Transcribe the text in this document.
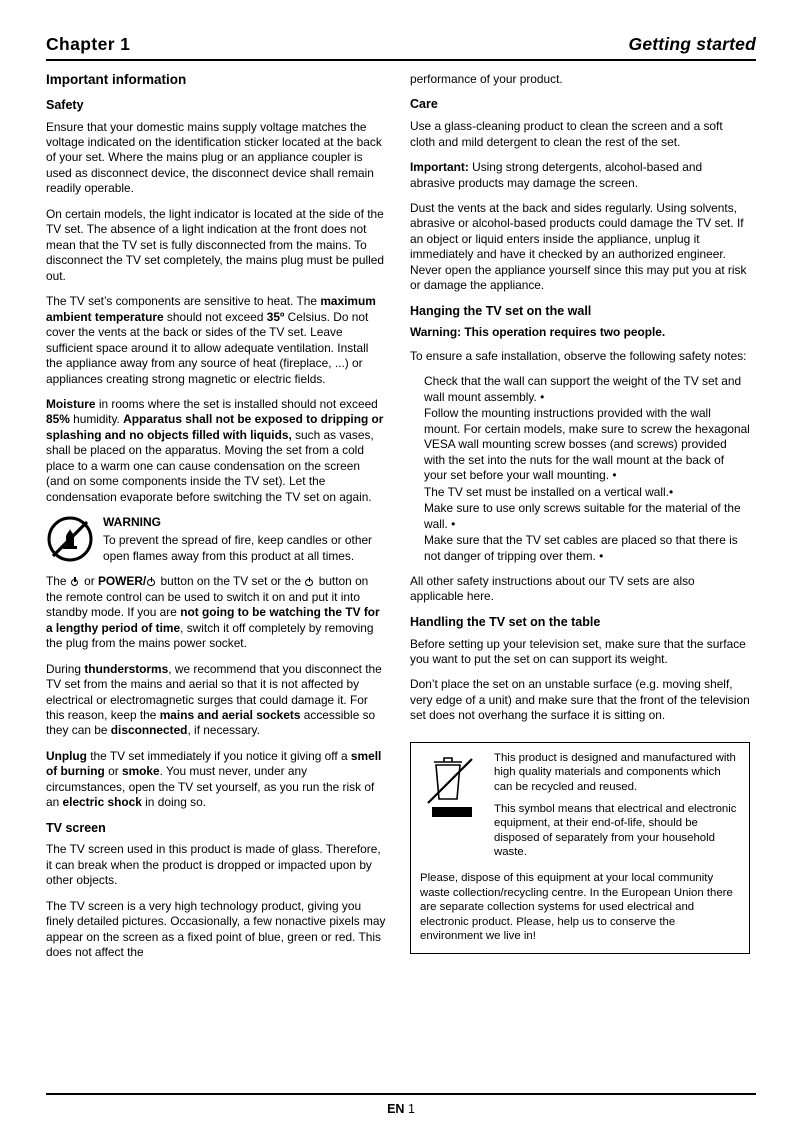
Chapter 1	Getting started
Important information
Safety

Ensure that your domestic mains supply voltage matches the voltage indicated on the identification sticker located at the back of your set. Where the mains plug or an appliance coupler is used as disconnect device, the disconnect device shall remain readily operable.

On certain models, the light indicator is located at the side of the TV set. The absence of a light indication at the front does not mean that the TV set is fully disconnected from the mains. To disconnect the TV set completely, the mains plug must be pulled out.

The TV set’s components are sensitive to heat. The maximum ambient temperature should not exceed 35º Celsius. Do not cover the vents at the back or sides of the TV set. Leave sufficient space around it to allow adequate ventilation. Install the appliance away from any source of heat (fireplace, ...) or appliances creating strong magnetic or electric fields.

Moisture in rooms where the set is installed should not exceed 85% humidity. Apparatus shall not be exposed to dripping or splashing and no objects filled with liquids, such as vases, shall be placed on the apparatus. Moving the set from a cold place to a warm one can cause condensation on the screen (and on some components inside the TV set). Let the condensation evaporate before switching the TV set on again.

WARNING

To prevent the spread of fire, keep candles or other open flames away from this product at all times.

The  or POWER/ button on the TV set or the  button on the remote control can be used to switch it on and put it into standby mode. If you are not going to be watching the TV for a lengthy period of time, switch it off completely by removing the plug from the mains power socket.

During thunderstorms, we recommend that you disconnect the TV set from the mains and aerial so that it is not affected by electrical or electromagnetic surges that could damage it. For this reason, keep the mains and aerial sockets accessible so they can be disconnected, if necessary.

Unplug the TV set immediately if you notice it giving off a smell of burning or smoke. You must never, under any circumstances, open the TV set yourself, as you run the risk of an electric shock in doing so.

TV screen

The TV screen used in this product is made of glass. Therefore, it can break when the product is dropped or impacted upon by other objects.

The TV screen is a very high technology product, giving you finely detailed pictures. Occasionally, a few nonactive pixels may appear on the screen as a fixed point of blue, green or red. This does not affect the

performance of your product.

Care

Use a glass-cleaning product to clean the screen and a soft cloth and mild detergent to clean the rest of the set.

Important: Using strong detergents, alcohol-based and abrasive products may damage the screen.

Dust the vents at the back and sides regularly. Using solvents, abrasive or alcohol-based products could damage the TV set. If an object or liquid enters inside the appliance, unplug it immediately and have it checked by an authorized engineer. Never open the appliance yourself since this may put you at risk or damage the appliance.

Hanging the TV set on the wall

Warning: This operation requires two people.

To ensure a safe installation, observe the following safety notes:

Check that the wall can support the weight of the TV set and wall mount assembly. •
Follow the mounting instructions provided with the wall mount. For certain models, make sure to screw the hexagonal VESA wall mounting screw bosses (and screws) provided with the set into the nuts for the wall mount at the back of your set before your wall mounting. •
The TV set must be installed on a vertical wall.•
Make sure to use only screws suitable for the material of the wall. •
Make sure that the TV set cables are placed so that there is not danger of tripping over them. •

All other safety instructions about our TV sets are also applicable here.

Handling the TV set on the table

Before setting up your television set, make sure that the surface you want to put the set on can support its weight.

Don’t place the set on an unstable surface (e.g. moving shelf, very edge of a unit) and make sure that the front of the television set does not overhang the surface it is sitting on.

This product is designed and manufactured with high quality materials and components which can be recycled and reused.

This symbol means that electrical and electronic equipment, at their end-of-life, should be disposed of separately from your household waste.

Please, dispose of this equipment at your local community waste collection/recycling centre. In the European Union there are separate collection systems for used electrical and electronic product. Please, help us to conserve the environment we live in!

EN 1
